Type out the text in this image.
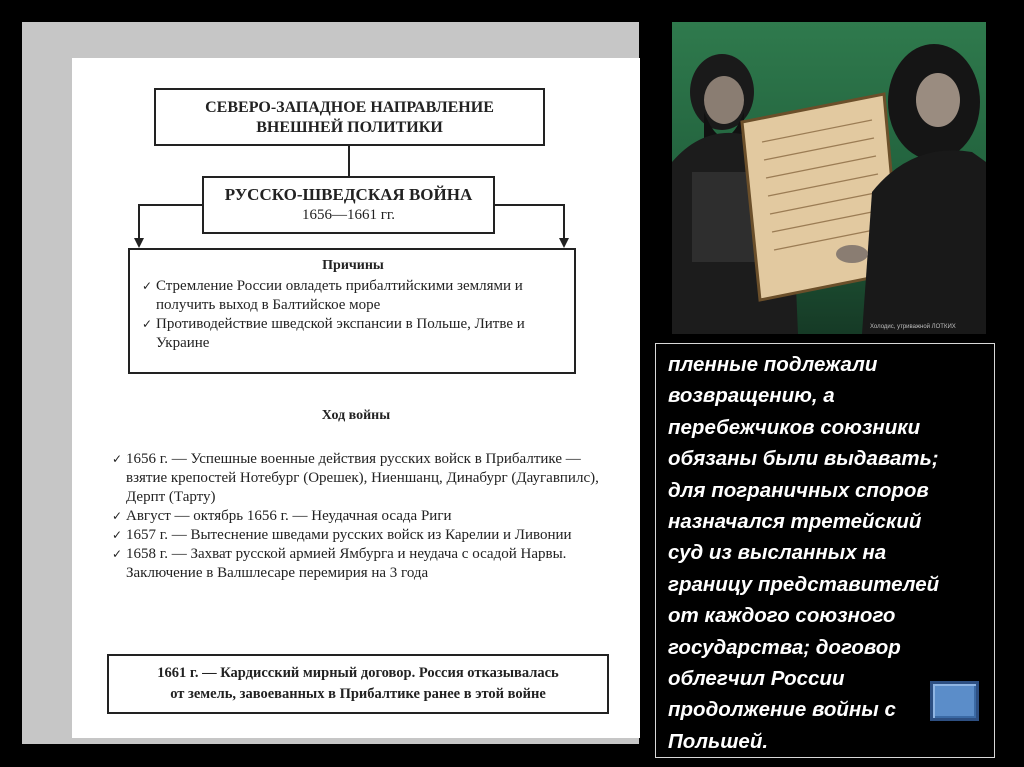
СЕВЕРО-ЗАПАДНОЕ НАПРАВЛЕНИЕ
ВНЕШНЕЙ ПОЛИТИКИ
РУССКО-ШВЕДСКАЯ ВОЙНА
1656—1661 гг.
Причины
✓ Стремление России овладеть прибалтийскими землями и получить выход в Балтийское море
✓ Противодействие шведской экспансии в Польше, Литве и Украине
Ход войны
✓ 1656 г. — Успешные военные действия русских войск в Прибалтике — взятие крепостей Нотебург (Орешек), Ниеншанц, Динабург (Даугавпилс), Дерпт (Тарту)
✓ Август — октябрь 1656 г. — Неудачная осада Риги
✓ 1657 г. — Вытеснение шведами русских войск из Карелии и Ливонии
✓ 1658 г. — Захват русской армией Ямбурга и неудача с осадой Нарвы. Заключение в Валшлесаре перемирия на 3 года
1661 г. — Кардисский мирный договор. Россия отказывалась
от земель, завоеванных в Прибалтике ранее в этой войне
Холодис, утриважной ЛОТКИХ

пленные подлежали
возвращению, а
перебежчиков союзники
обязаны были выдавать;
для пограничных споров
назначался третейский
суд из высланных на
границу представителей
от каждого союзного
государства; договор
облегчил России
продолжение войны с
Польшей.
